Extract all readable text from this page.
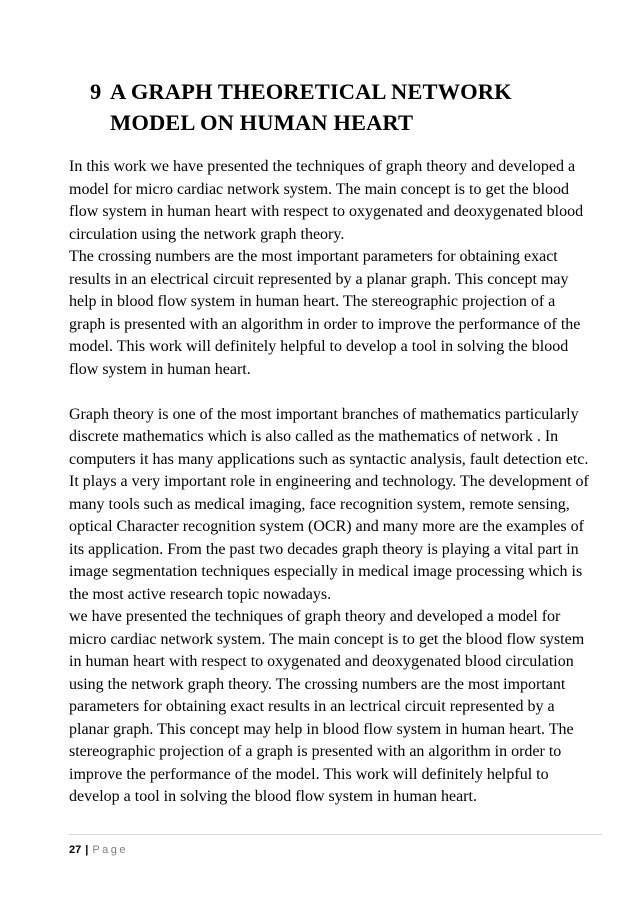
9 A GRAPH THEORETICAL NETWORK
MODEL ON HUMAN HEART

In this work we have presented the techniques of graph theory and developed a
model for micro cardiac network system. The main concept is to get the blood
flow system in human heart with respect to oxygenated and deoxygenated blood
circulation using the network graph theory.

The crossing numbers are the most important parameters for obtaining exact
results in an electrical circuit represented by a planar graph. This concept may
help in blood flow system in human heart. The stereographic projection of a
graph is presented with an algorithm in order to improve the performance of the
model. This work will definitely helpful to develop a tool in solving the blood
flow system in human heart.

Graph theory is one of the most important branches of mathematics particularly
discrete mathematics which is also called as the mathematics of network . In
computers it has many applications such as syntactic analysis, fault detection etc.
It plays a very important role in engineering and technology. The development of
many tools such as medical imaging, face recognition system, remote sensing,
optical Character recognition system (OCR) and many more are the examples of
its application. From the past two decades graph theory is playing a vital part in
image segmentation techniques especially in medical image processing which is
the most active research topic nowadays.

we have presented the techniques of graph theory and developed a model for
micro cardiac network system. The main concept is to get the blood flow system
in human heart with respect to oxygenated and deoxygenated blood circulation
using the network graph theory. The crossing numbers are the most important
parameters for obtaining exact results in an lectrical circuit represented by a
planar graph. This concept may help in blood flow system in human heart. The
stereographic projection of a graph is presented with an algorithm in order to
improve the performance of the model. This work will definitely helpful to
develop a tool in solving the blood flow system in human heart.

27 | Page
